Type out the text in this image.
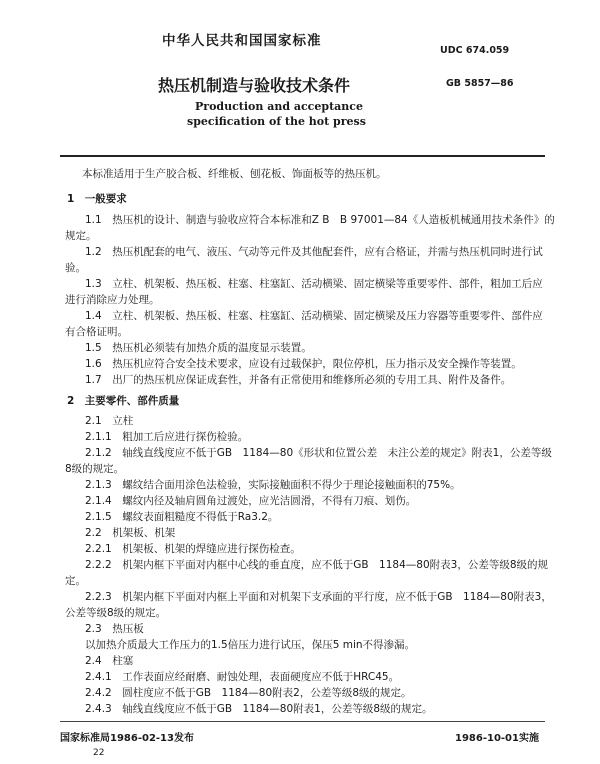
中华人民共和国国家标准
UDC 674.059
热压机制造与验收技术条件	GB 5857—86
Production and acceptance
specification of the hot press
本标准适用于生产胶合板、纤维板、刨花板、饰面板等的热压机。
1　一般要求
1.1　热压机的设计、制造与验收应符合本标准和Z B　B 97001—84《人造板机械通用技术条件》的
规定。
1.2　热压机配套的电气、液压、气动等元件及其他配套件，应有合格证，并需与热压机同时进行试
验。
1.3　立柱、机架板、热压板、柱塞、柱塞缸、活动横梁、固定横梁等重要零件、部件，粗加工后应
进行消除应力处理。
1.4　立柱、机架板、热压板、柱塞、柱塞缸、活动横梁、固定横梁及压力容器等重要零件、部件应
有合格证明。
1.5　热压机必须装有加热介质的温度显示装置。
1.6　热压机应符合安全技术要求，应设有过载保护，限位停机，压力指示及安全操作等装置。
1.7　出厂的热压机应保证成套性，并备有正常使用和维修所必须的专用工具、附件及备件。
2　主要零件、部件质量
2.1　立柱
2.1.1　粗加工后应进行探伤检验。
2.1.2　轴线直线度应不低于GB　1184—80《形状和位置公差　未注公差的规定》附表1，公差等级
8级的规定。
2.1.3　螺纹结合面用涂色法检验，实际接触面积不得少于理论接触面积的75%。
2.1.4　螺纹内径及轴肩圆角过渡处，应光洁圆滑，不得有刀痕、划伤。
2.1.5　螺纹表面粗糙度不得低于Ra3.2。
2.2　机架板、机架
2.2.1　机架板、机架的焊缝应进行探伤检查。
2.2.2　机架内框下平面对内框中心线的垂直度，应不低于GB　1184—80附表3，公差等级8级的规
定。
2.2.3　机架内框下平面对内框上平面和对机架下支承面的平行度，应不低于GB　1184—80附表3，
公差等级8级的规定。
2.3　热压板
以加热介质最大工作压力的1.5倍压力进行试压，保压5 min不得渗漏。
2.4　柱塞
2.4.1　工作表面应经耐磨、耐蚀处理，表面硬度应不低于HRC45。
2.4.2　圆柱度应不低于GB　1184—80附表2，公差等级8级的规定。
2.4.3　轴线直线度应不低于GB　1184—80附表1，公差等级8级的规定。
国家标准局1986-02-13发布	1986-10-01实施
22
